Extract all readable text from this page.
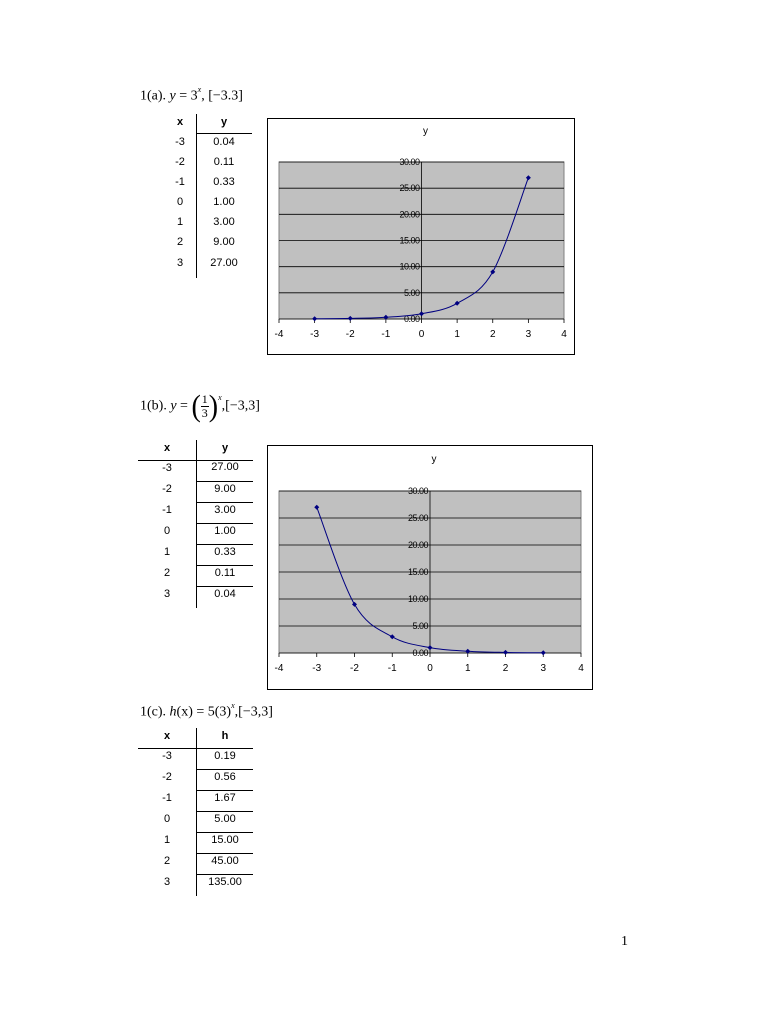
1(a). $y = 3^x$, [−3.3]
x	y
-3	0.04
-2	0.11
-1	0.33
0	1.00
1	3.00
2	9.00
3	27.00
0.00
5.00
10.00
15.00
20.00
25.00
30.00
-4	-3	-2	-1	0	1	2	3	4
y
1(b). y = ( $\frac{1}{3} )^x,[-3,3]$
x	y
-3	27.00
-2	9.00
-1	3.00
0	1.00
1	0.33
2	0.11
3	0.04
0.00
5.00
10.00
15.00
20.00
25.00
30.00
-4	-3	-2	-1	0	1	2	3	4
y
1(c). $h(x) = 5(3)^x,[-3,3]$
x	h
-3	0.19
-2	0.56
-1	1.67
0	5.00
1	15.00
2	45.00
3	135.00
1
